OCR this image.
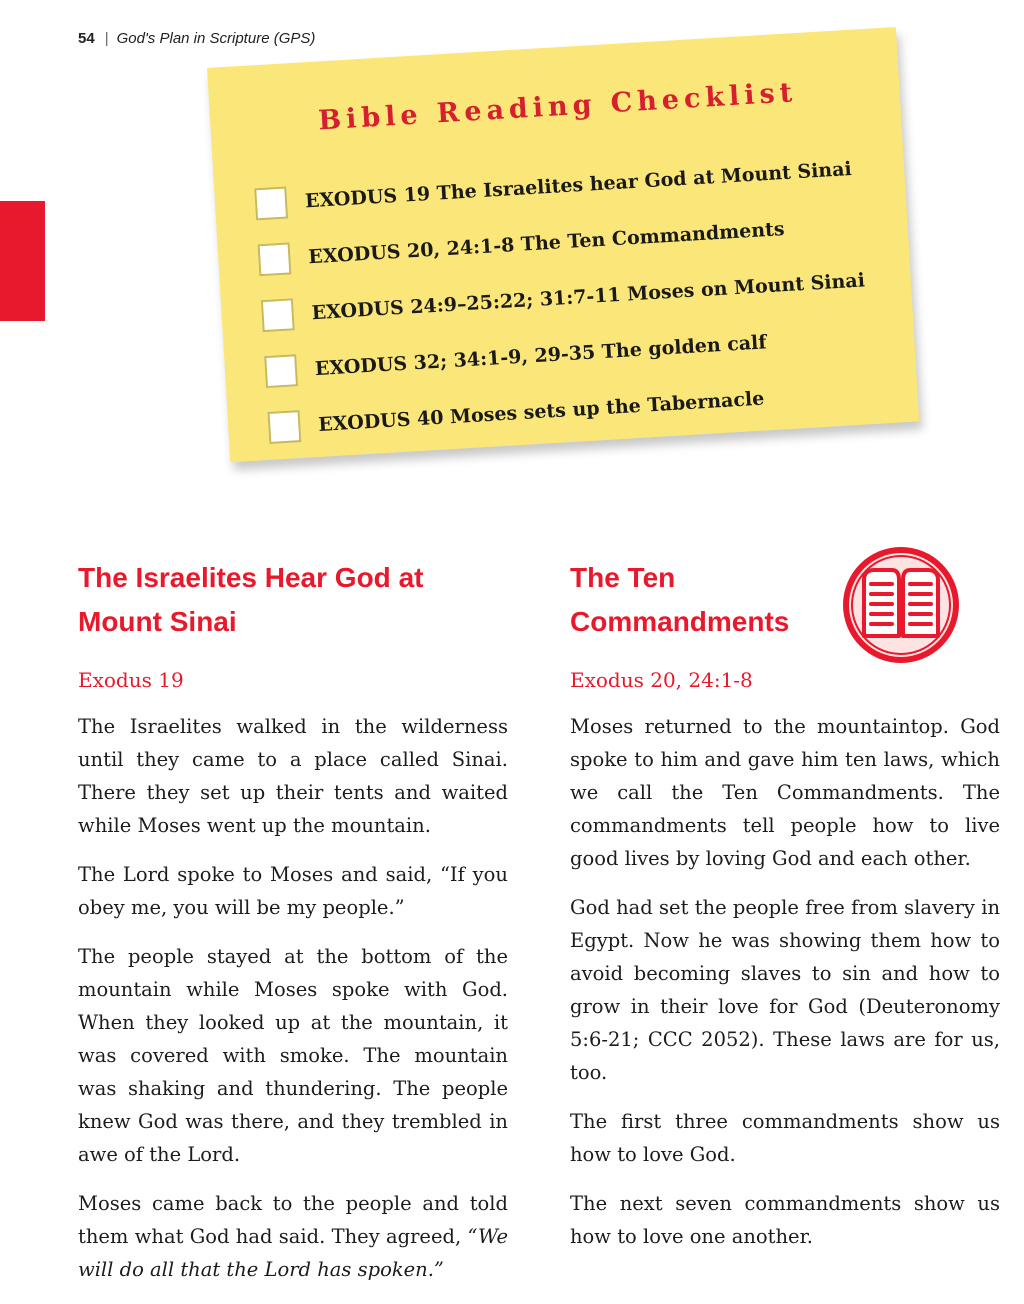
54 | God's Plan in Scripture (GPS)
Bible Reading Checklist
EXODUS 19 The Israelites hear God at Mount Sinai
EXODUS 20, 24:1-8 The Ten Commandments
EXODUS 24:9–25:22; 31:7-11 Moses on Mount Sinai
EXODUS 32; 34:1-9, 29-35 The golden calf
EXODUS 40 Moses sets up the Tabernacle
The Israelites Hear God at
Mount Sinai
Exodus 19

The Israelites walked in the wilderness until they came to a place called Sinai. There they set up their tents and waited while Moses went up the mountain.

The Lord spoke to Moses and said, “If you obey me, you will be my people.”

The people stayed at the bottom of the mountain while Moses spoke with God. When they looked up at the mountain, it was covered with smoke. The mountain was shaking and thundering. The people knew God was there, and they trembled in awe of the Lord.

Moses came back to the people and told them what God had said. They agreed, “We will do all that the Lord has spoken.”

The Ten
Commandments
Exodus 20, 24:1-8

Moses returned to the mountaintop. God spoke to him and gave him ten laws, which we call the Ten Commandments. The commandments tell people how to live good lives by loving God and each other.

God had set the people free from slavery in Egypt. Now he was showing them how to avoid becoming slaves to sin and how to grow in their love for God (Deuteronomy 5:6-21; CCC 2052). These laws are for us, too.

The first three commandments show us how to love God.

The next seven commandments show us how to love one another.
